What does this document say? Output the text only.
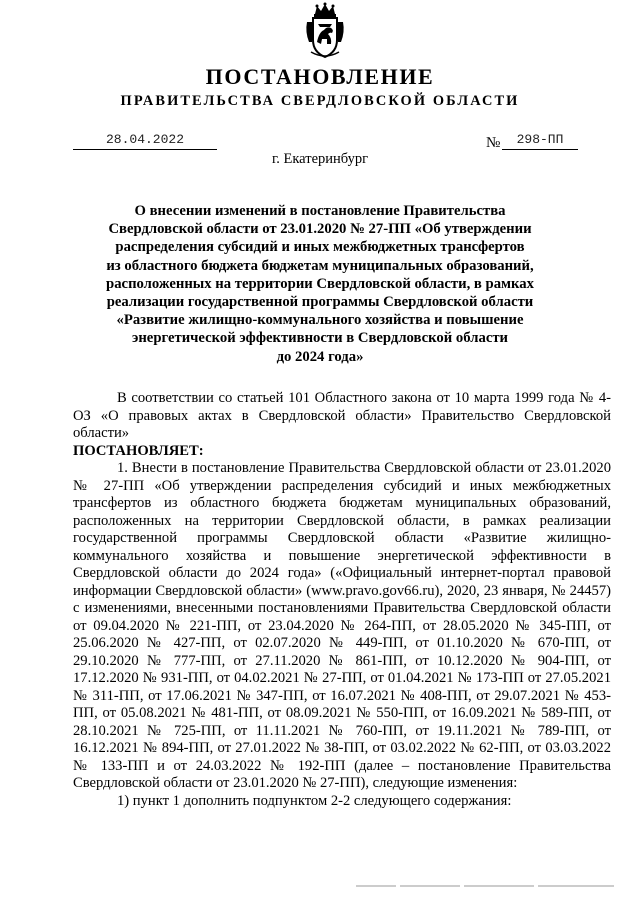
ПОСТАНОВЛЕНИЕ
ПРАВИТЕЛЬСТВА СВЕРДЛОВСКОЙ ОБЛАСТИ
28.04.2022	№	298-ПП
г. Екатеринбург
О внесении изменений в постановление Правительства
Свердловской области от 23.01.2020 № 27-ПП «Об утверждении
распределения субсидий и иных межбюджетных трансфертов
из областного бюджета бюджетам муниципальных образований,
расположенных на территории Свердловской области, в рамках
реализации государственной программы Свердловской области
«Развитие жилищно-коммунального хозяйства и повышение
энергетической эффективности в Свердловской области
до 2024 года»

В соответствии со статьей 101 Областного закона от 10 марта 1999 года № 4-ОЗ «О правовых актах в Свердловской области» Правительство Свердловской области»

ПОСТАНОВЛЯЕТ:

1. Внести в постановление Правительства Свердловской области от 23.01.2020 № 27-ПП «Об утверждении распределения субсидий и иных межбюджетных трансфертов из областного бюджета бюджетам муниципальных образований, расположенных на территории Свердловской области, в рамках реализации государственной программы Свердловской области «Развитие жилищно-коммунального хозяйства и повышение энергетической эффективности в Свердловской области до 2024 года» («Официальный интернет-портал правовой информации Свердловской области» (www.pravo.gov66.ru), 2020, 23 января, № 24457) с изменениями, внесенными постановлениями Правительства Свердловской области от 09.04.2020 № 221-ПП, от 23.04.2020 № 264-ПП, от 28.05.2020 № 345-ПП, от 25.06.2020 № 427-ПП, от 02.07.2020 № 449-ПП, от 01.10.2020 № 670-ПП, от 29.10.2020 № 777-ПП, от 27.11.2020 № 861-ПП, от 10.12.2020 № 904-ПП, от 17.12.2020 № 931-ПП, от 04.02.2021 № 27-ПП, от 01.04.2021 № 173-ПП от 27.05.2021 № 311-ПП, от 17.06.2021 № 347-ПП, от 16.07.2021 № 408-ПП, от 29.07.2021 № 453-ПП, от 05.08.2021 № 481-ПП, от 08.09.2021 № 550-ПП, от 16.09.2021 № 589-ПП, от 28.10.2021 № 725-ПП, от 11.11.2021 № 760-ПП, от 19.11.2021 № 789-ПП, от 16.12.2021 № 894-ПП, от 27.01.2022 № 38-ПП, от 03.02.2022 № 62-ПП, от 03.03.2022 № 133-ПП и от 24.03.2022 № 192-ПП (далее – постановление Правительства Свердловской области от 23.01.2020 № 27-ПП), следующие изменения:

1) пункт 1 дополнить подпунктом 2-2 следующего содержания:
